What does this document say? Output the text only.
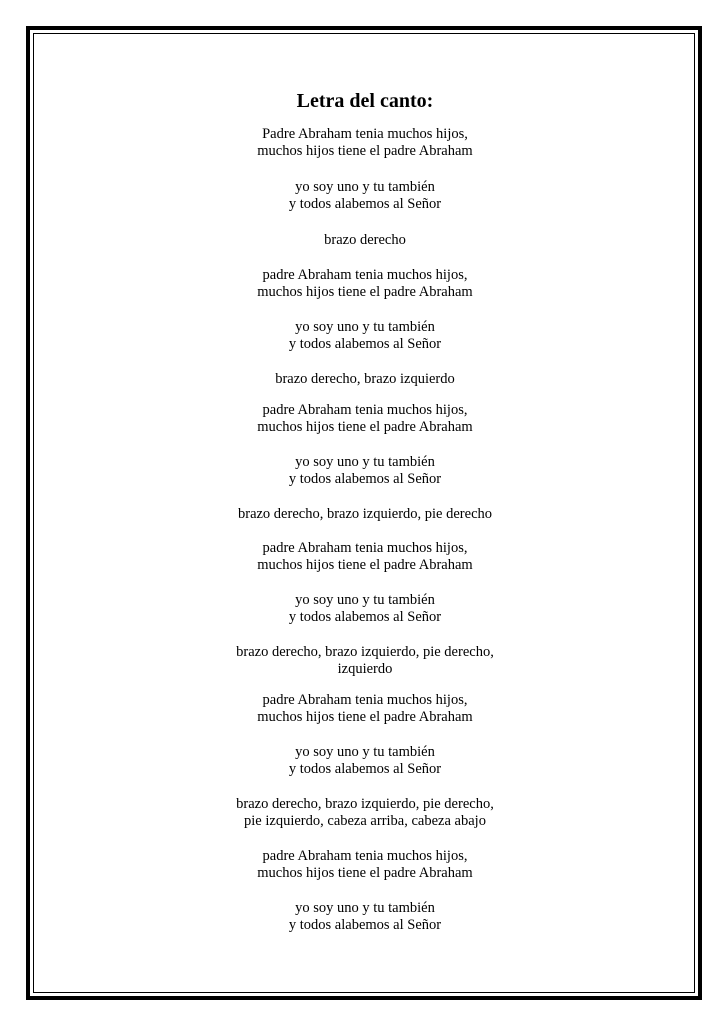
Letra del canto:
Padre Abraham tenia muchos hijos,
muchos hijos tiene el padre Abraham
yo soy uno y tu también
y todos alabemos al Señor
brazo derecho
padre Abraham tenia muchos hijos,
muchos hijos tiene el padre Abraham
yo soy uno y tu también
y todos alabemos al Señor
brazo derecho, brazo izquierdo
padre Abraham tenia muchos hijos,
muchos hijos tiene el padre Abraham
yo soy uno y tu también
y todos alabemos al Señor
brazo derecho, brazo izquierdo, pie derecho
padre Abraham tenia muchos hijos,
muchos hijos tiene el padre Abraham
yo soy uno y tu también
y todos alabemos al Señor
brazo derecho, brazo izquierdo, pie derecho,
izquierdo
padre Abraham tenia muchos hijos,
muchos hijos tiene el padre Abraham
yo soy uno y tu también
y todos alabemos al Señor
brazo derecho, brazo izquierdo, pie derecho,
pie izquierdo, cabeza arriba, cabeza abajo
padre Abraham tenia muchos hijos,
muchos hijos tiene el padre Abraham
yo soy uno y tu también
y todos alabemos al Señor
